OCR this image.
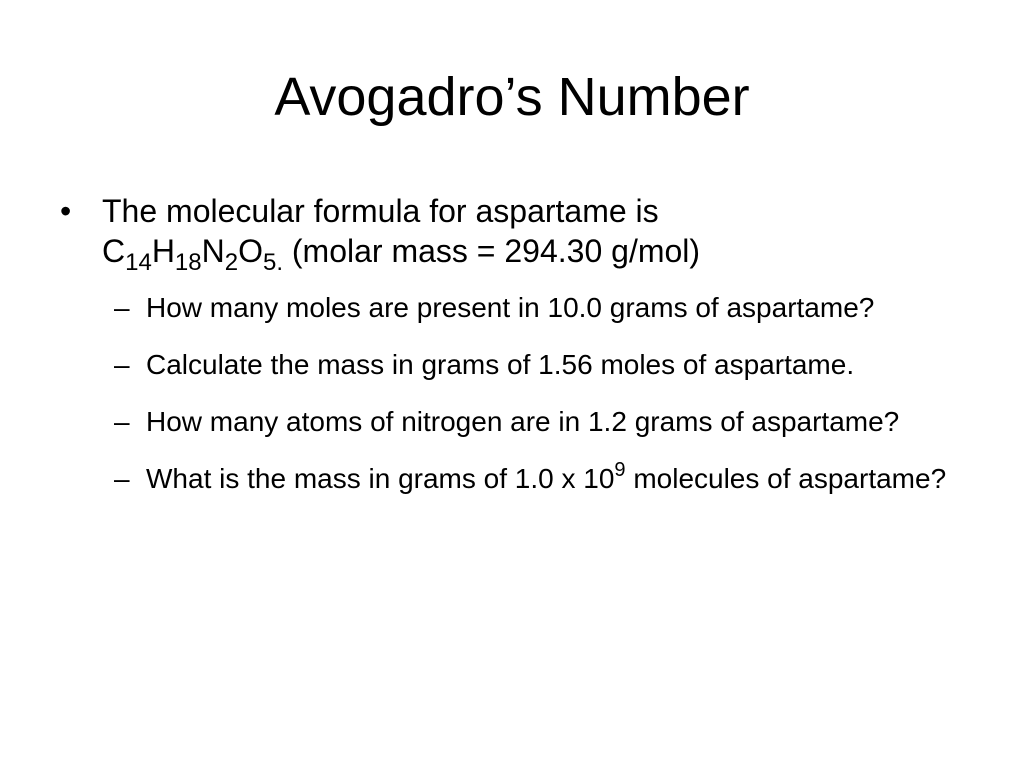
Avogadro’s Number
• The molecular formula for aspartame is
$C_{14}H_{18}N_2O_{5.}$ (molar mass = 294.30 g/mol)
– How many moles are present in 10.0 grams of aspartame?
– Calculate the mass in grams of 1.56 moles of aspartame.
– How many atoms of nitrogen are in 1.2 grams of aspartame?
– What is the mass in grams of 1.0 x $10^9$ molecules of aspartame?
